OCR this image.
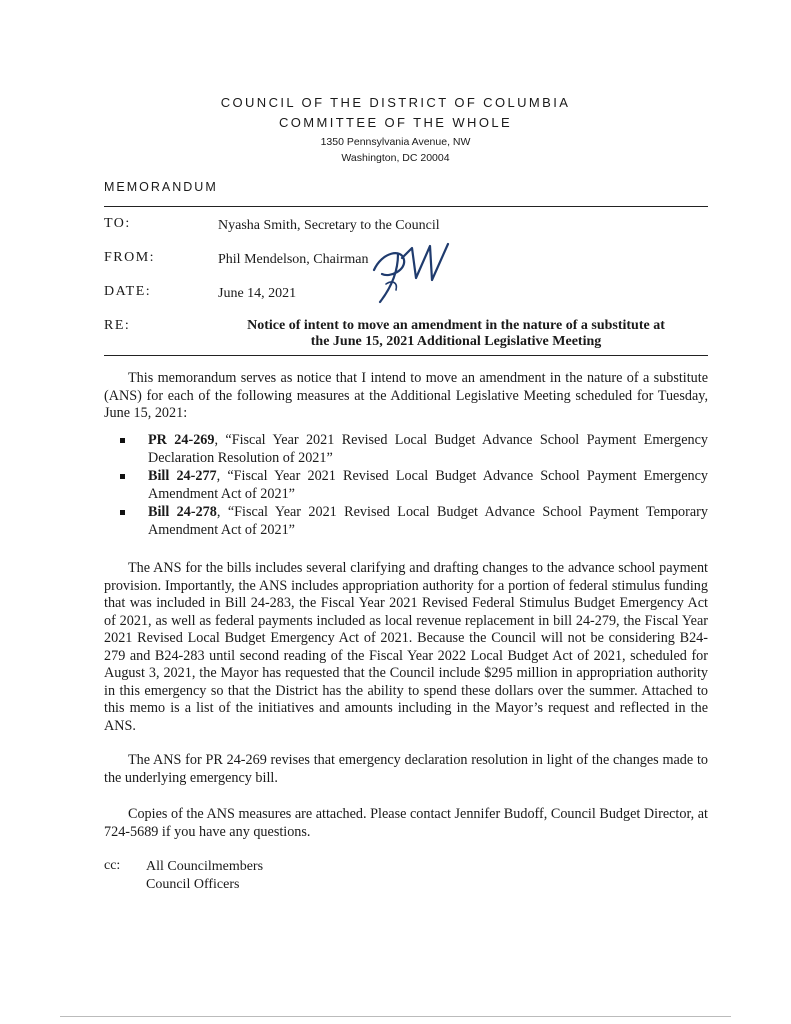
COUNCIL OF THE DISTRICT OF COLUMBIA
COMMITTEE OF THE WHOLE
1350 Pennsylvania Avenue, NW
Washington, DC 20004
MEMORANDUM
TO:	Nyasha Smith, Secretary to the Council
FROM:	Phil Mendelson, Chairman
DATE:	June 14, 2021
RE:	Notice of intent to move an amendment in the nature of a substitute at
the June 15, 2021 Additional Legislative Meeting
This memorandum serves as notice that I intend to move an amendment in the nature of a substitute (ANS) for each of the following measures at the Additional Legislative Meeting scheduled for Tuesday, June 15, 2021:
PR 24-269, “Fiscal Year 2021 Revised Local Budget Advance School Payment Emergency Declaration Resolution of 2021”
Bill 24-277, “Fiscal Year 2021 Revised Local Budget Advance School Payment Emergency Amendment Act of 2021”
Bill 24-278, “Fiscal Year 2021 Revised Local Budget Advance School Payment Temporary Amendment Act of 2021”
The ANS for the bills includes several clarifying and drafting changes to the advance school payment provision. Importantly, the ANS includes appropriation authority for a portion of federal stimulus funding that was included in Bill 24-283, the Fiscal Year 2021 Revised Federal Stimulus Budget Emergency Act of 2021, as well as federal payments included as local revenue replacement in bill 24-279, the Fiscal Year 2021 Revised Local Budget Emergency Act of 2021. Because the Council will not be considering B24-279 and B24-283 until second reading of the Fiscal Year 2022 Local Budget Act of 2021, scheduled for August 3, 2021, the Mayor has requested that the Council include $295 million in appropriation authority in this emergency so that the District has the ability to spend these dollars over the summer. Attached to this memo is a list of the initiatives and amounts including in the Mayor’s request and reflected in the ANS.
The ANS for PR 24-269 revises that emergency declaration resolution in light of the changes made to the underlying emergency bill.
Copies of the ANS measures are attached. Please contact Jennifer Budoff, Council Budget Director, at 724-5689 if you have any questions.
cc: All Councilmembers
Council Officers
